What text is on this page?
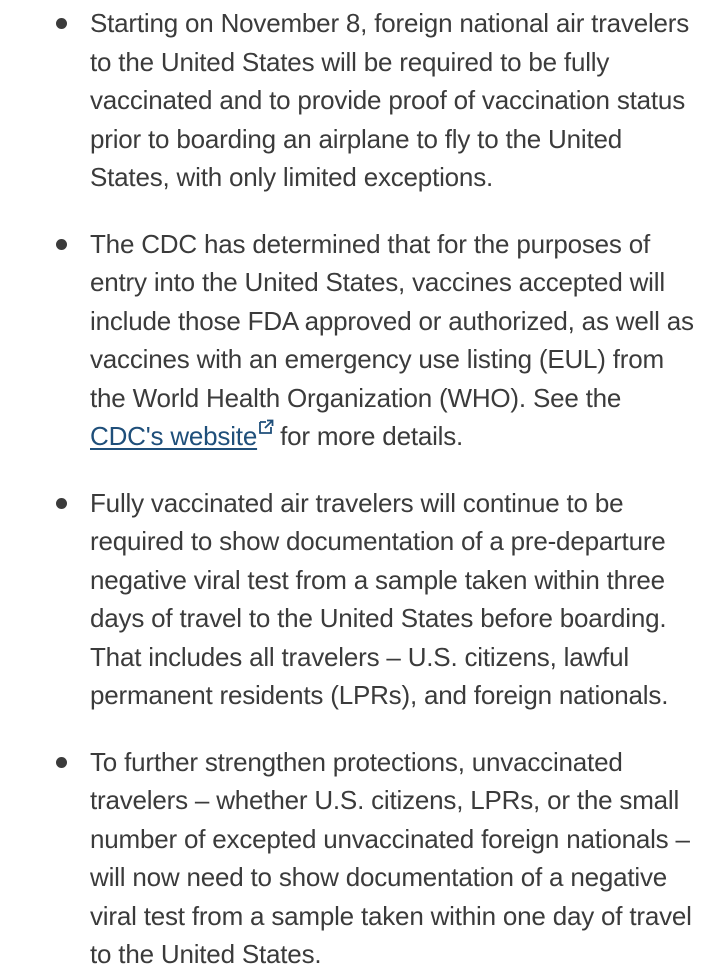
Starting on November 8, foreign national air travelers to the United States will be required to be fully vaccinated and to provide proof of vaccination status prior to boarding an airplane to fly to the United States, with only limited exceptions.
The CDC has determined that for the purposes of entry into the United States, vaccines accepted will include those FDA approved or authorized, as well as vaccines with an emergency use listing (EUL) from the World Health Organization (WHO). See the CDC's website for more details.
Fully vaccinated air travelers will continue to be required to show documentation of a pre-departure negative viral test from a sample taken within three days of travel to the United States before boarding. That includes all travelers – U.S. citizens, lawful permanent residents (LPRs), and foreign nationals.
To further strengthen protections, unvaccinated travelers – whether U.S. citizens, LPRs, or the small number of excepted unvaccinated foreign nationals – will now need to show documentation of a negative viral test from a sample taken within one day of travel to the United States.
